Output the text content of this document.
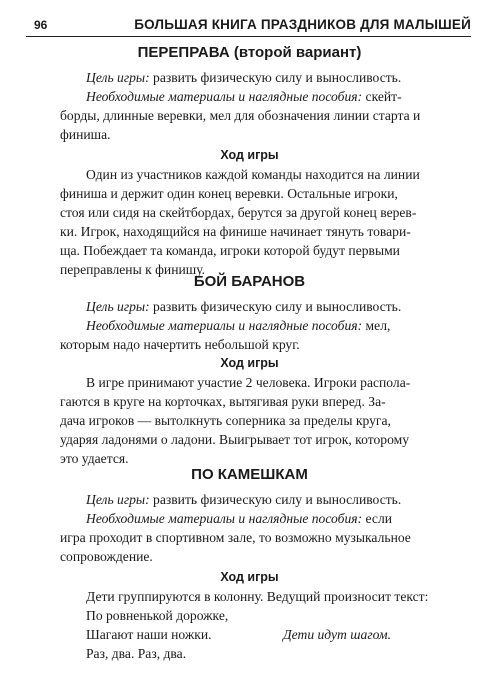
96	БОЛЬШАЯ КНИГА ПРАЗДНИКОВ ДЛЯ МАЛЫШЕЙ
ПЕРЕПРАВА (второй вариант)
Цель игры: развить физическую силу и выносливость.
Необходимые материалы и наглядные пособия: скейт-
борды, длинные веревки, мел для обозначения линии старта и
финиша.
Ход игры
Один из участников каждой команды находится на линии
финиша и держит один конец веревки. Остальные игроки,
стоя или сидя на скейтбордах, берутся за другой конец верев-
ки. Игрок, находящийся на финише начинает тянуть товари-
ща. Побеждает та команда, игроки которой будут первыми
переправлены к финишу.
БОЙ БАРАНОВ
Цель игры: развить физическую силу и выносливость.
Необходимые материалы и наглядные пособия: мел,
которым надо начертить небольшой круг.
Ход игры
В игре принимают участие 2 человека. Игроки распола-
гаются в круге на корточках, вытягивая руки вперед. За-
дача игроков — вытолкнуть соперника за пределы круга,
ударяя ладонями о ладони. Выигрывает тот игрок, которому
это удается.
ПО КАМЕШКАМ
Цель игры: развить физическую силу и выносливость.
Необходимые материалы и наглядные пособия: если
игра проходит в спортивном зале, то возможно музыкальное
сопровождение.
Ход игры
Дети группируются в колонну. Ведущий произносит текст:
По ровненькой дорожке,
Шагают наши ножки.	Дети идут шагом.
Раз, два. Раз, два.
